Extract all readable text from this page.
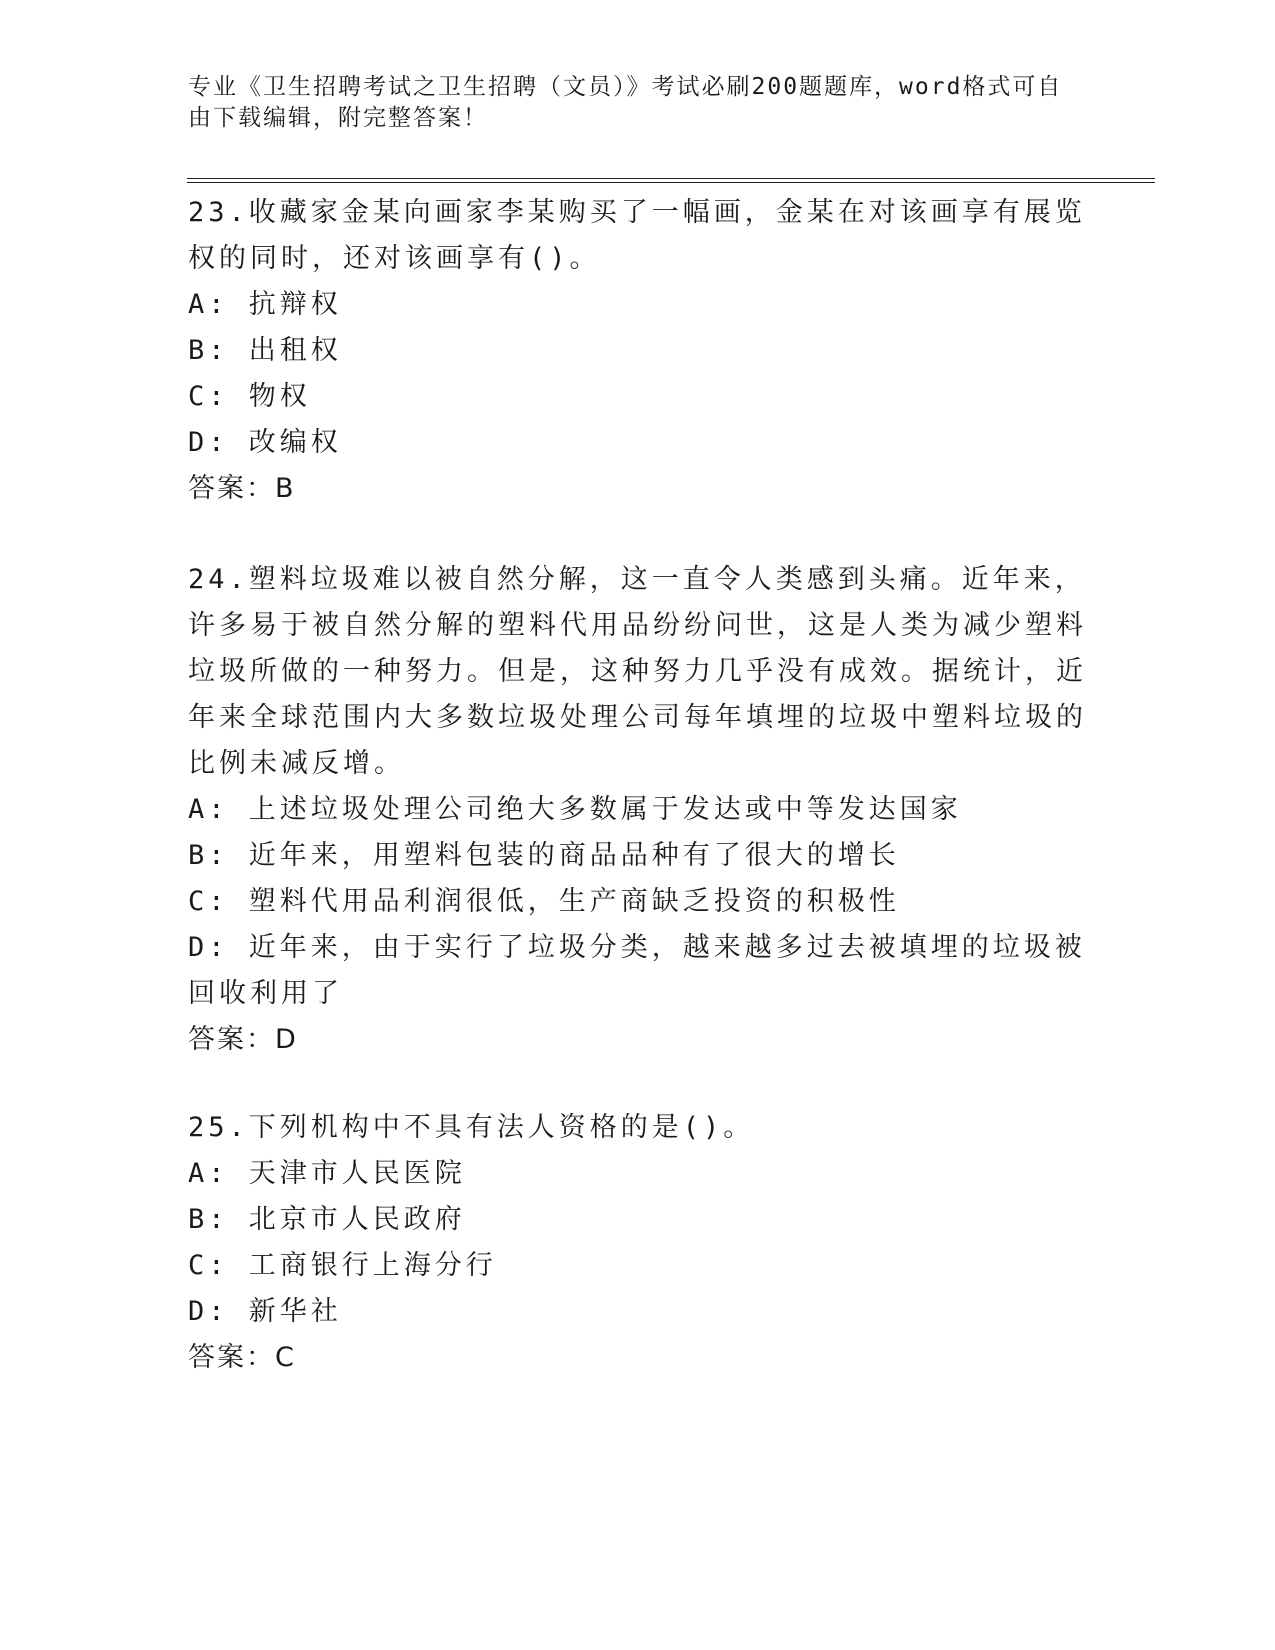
专业《卫生招聘考试之卫生招聘（文员）》考试必刷200题题库，word格式可自由下载编辑，附完整答案！
23.收藏家金某向画家李某购买了一幅画，金某在对该画享有展览权的同时，还对该画享有()。
A: 抗辩权
B: 出租权
C: 物权
D: 改编权
答案：B
24.塑料垃圾难以被自然分解，这一直令人类感到头痛。近年来，许多易于被自然分解的塑料代用品纷纷问世，这是人类为减少塑料垃圾所做的一种努力。但是，这种努力几乎没有成效。据统计，近年来全球范围内大多数垃圾处理公司每年填埋的垃圾中塑料垃圾的比例未减反增。
A: 上述垃圾处理公司绝大多数属于发达或中等发达国家
B: 近年来，用塑料包装的商品品种有了很大的增长
C: 塑料代用品利润很低，生产商缺乏投资的积极性
D: 近年来，由于实行了垃圾分类，越来越多过去被填埋的垃圾被回收利用了
答案：D
25.下列机构中不具有法人资格的是()。
A: 天津市人民医院
B: 北京市人民政府
C: 工商银行上海分行
D: 新华社
答案：C
